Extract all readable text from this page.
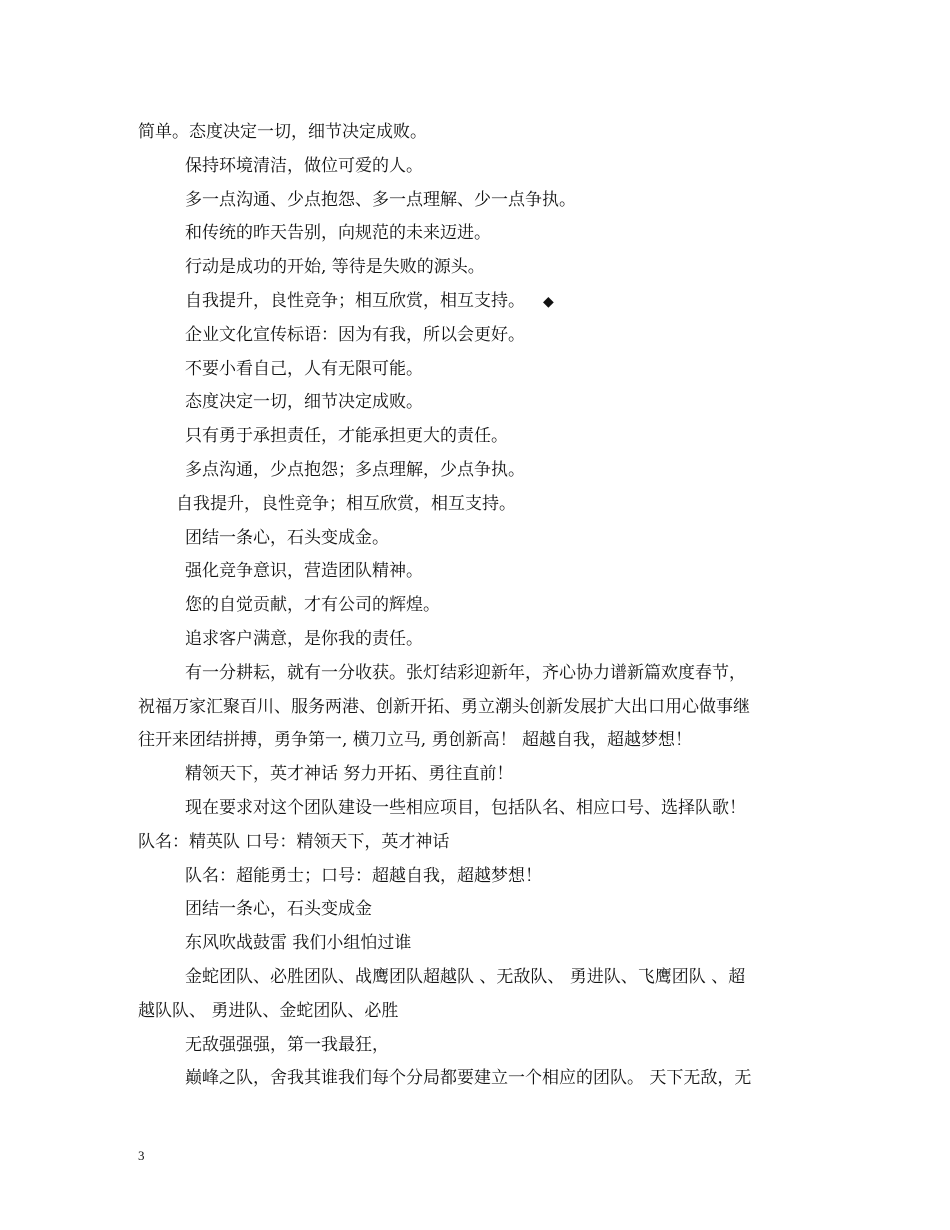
简单。态度决定一切，细节决定成败。
保持环境清洁，做位可爱的人。
多一点沟通、少点抱怨、多一点理解、少一点争执。
和传统的昨天告别，向规范的未来迈进。
行动是成功的开始, 等待是失败的源头。
自我提升，良性竞争；相互欣赏，相互支持。 ◆
企业文化宣传标语：因为有我，所以会更好。
不要小看自己，人有无限可能。
态度决定一切，细节决定成败。
只有勇于承担责任，才能承担更大的责任。
多点沟通，少点抱怨；多点理解，少点争执。
自我提升，良性竞争；相互欣赏，相互支持。
团结一条心，石头变成金。
强化竞争意识，营造团队精神。
您的自觉贡献，才有公司的辉煌。
追求客户满意，是你我的责任。
有一分耕耘，就有一分收获。张灯结彩迎新年，齐心协力谱新篇欢度春节，
祝福万家汇聚百川、服务两港、创新开拓、勇立潮头创新发展扩大出口用心做事继
往开来团结拼搏，勇争第一, 横刀立马, 勇创新高！ 超越自我，超越梦想！
精领天下，英才神话 努力开拓、勇往直前！
现在要求对这个团队建设一些相应项目，包括队名、相应口号、选择队歌！
队名：精英队 口号：精领天下，英才神话
队名：超能勇士；口号：超越自我，超越梦想！
团结一条心，石头变成金
东风吹战鼓雷 我们小组怕过谁
金蛇团队、必胜团队、战鹰团队超越队 、无敌队、 勇进队、飞鹰团队 、超
越队队、 勇进队、金蛇团队、必胜
无敌强强强，第一我最狂，
巅峰之队，舍我其谁我们每个分局都要建立一个相应的团队。 天下无敌，无
3
